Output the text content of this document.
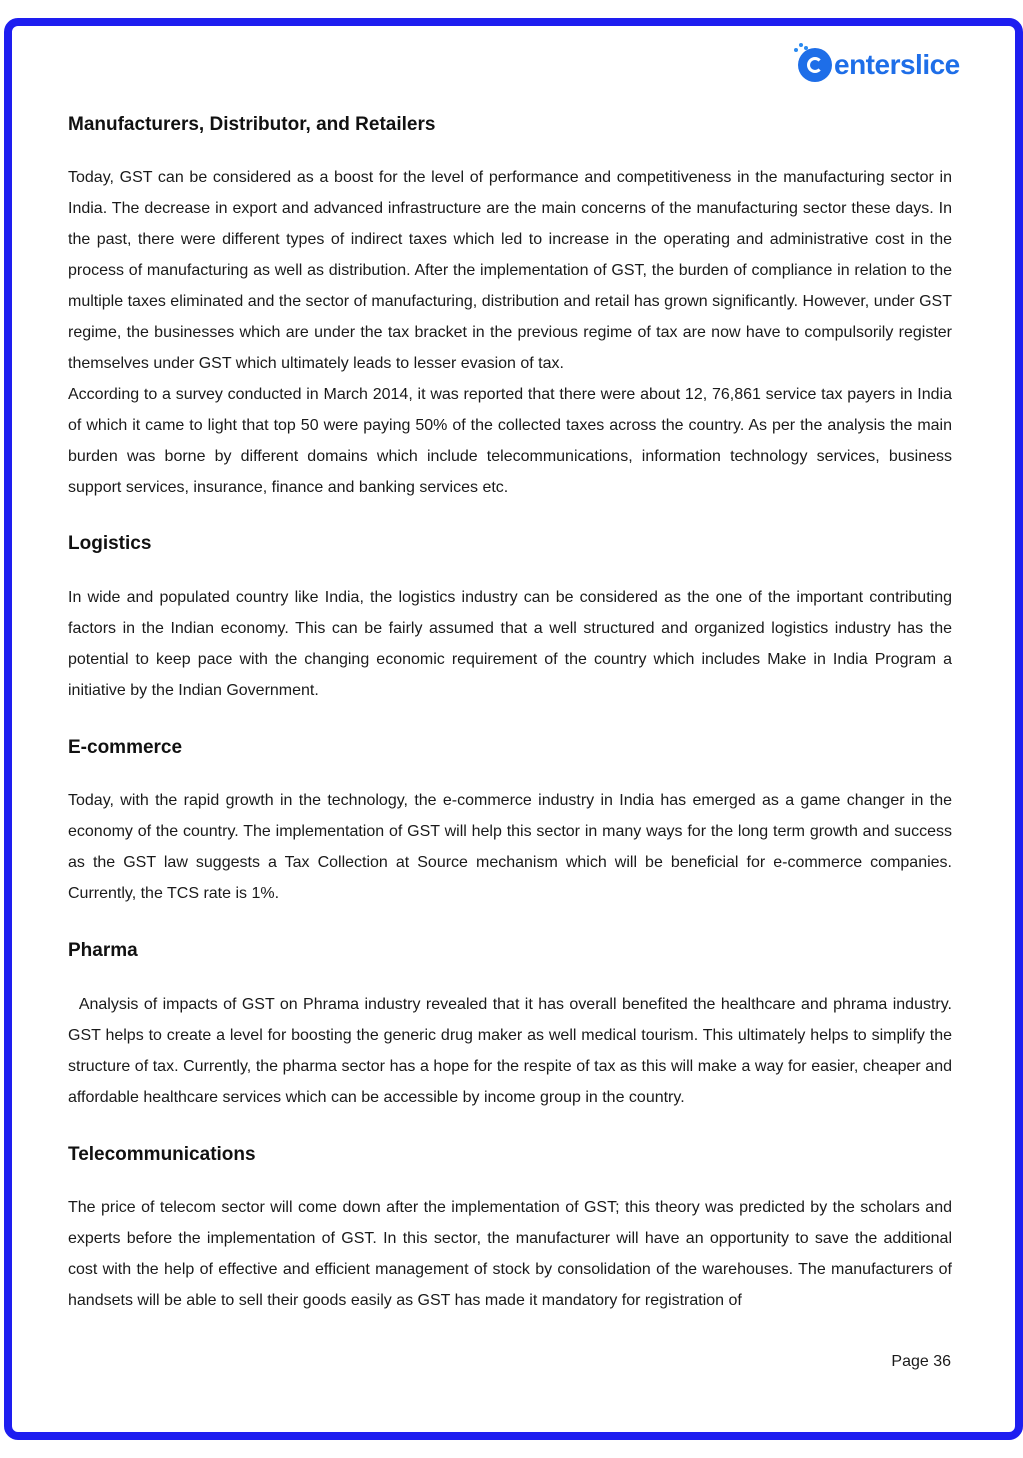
enterslice
Manufacturers, Distributor, and Retailers

Today, GST can be considered as a boost for the level of performance and competitiveness in the manufacturing sector in India. The decrease in export and advanced infrastructure are the main concerns of the manufacturing sector these days. In the past, there were different types of indirect taxes which led to increase in the operating and administrative cost in the process of manufacturing as well as distribution. After the implementation of GST, the burden of compliance in relation to the multiple taxes eliminated and the sector of manufacturing, distribution and retail has grown significantly. However, under GST regime, the businesses which are under the tax bracket in the previous regime of tax are now have to compulsorily register themselves under GST which ultimately leads to lesser evasion of tax.

According to a survey conducted in March 2014, it was reported that there were about 12, 76,861 service tax payers in India of which it came to light that top 50 were paying 50% of the collected taxes across the country. As per the analysis the main burden was borne by different domains which include telecommunications, information technology services, business support services, insurance, finance and banking services etc.

Logistics

In wide and populated country like India, the logistics industry can be considered as the one of the important contributing factors in the Indian economy. This can be fairly assumed that a well structured and organized logistics industry has the potential to keep pace with the changing economic requirement of the country which includes Make in India Program a initiative by the Indian Government.

E-commerce

Today, with the rapid growth in the technology, the e-commerce industry in India has emerged as a game changer in the economy of the country. The implementation of GST will help this sector in many ways for the long term growth and success as the GST law suggests a Tax Collection at Source mechanism which will be beneficial for e-commerce companies. Currently, the TCS rate is 1%.

Pharma

Analysis of impacts of GST on Phrama industry revealed that it has overall benefited the healthcare and phrama industry.  GST helps to create a level for boosting the generic drug maker as well medical tourism. This ultimately helps to simplify the structure of tax. Currently, the pharma sector has a hope for the respite of tax as this will make a way for easier, cheaper and affordable healthcare services which can be accessible by income group in the country.

Telecommunications

The price of telecom sector will come down after the implementation of GST; this theory was predicted by the scholars and experts before the implementation of GST. In this sector, the manufacturer will have an opportunity to save the additional cost with the help of effective and efficient management of stock by consolidation of the warehouses. The manufacturers of handsets will be able to sell their goods easily as GST has made it mandatory for registration of

Page 36
